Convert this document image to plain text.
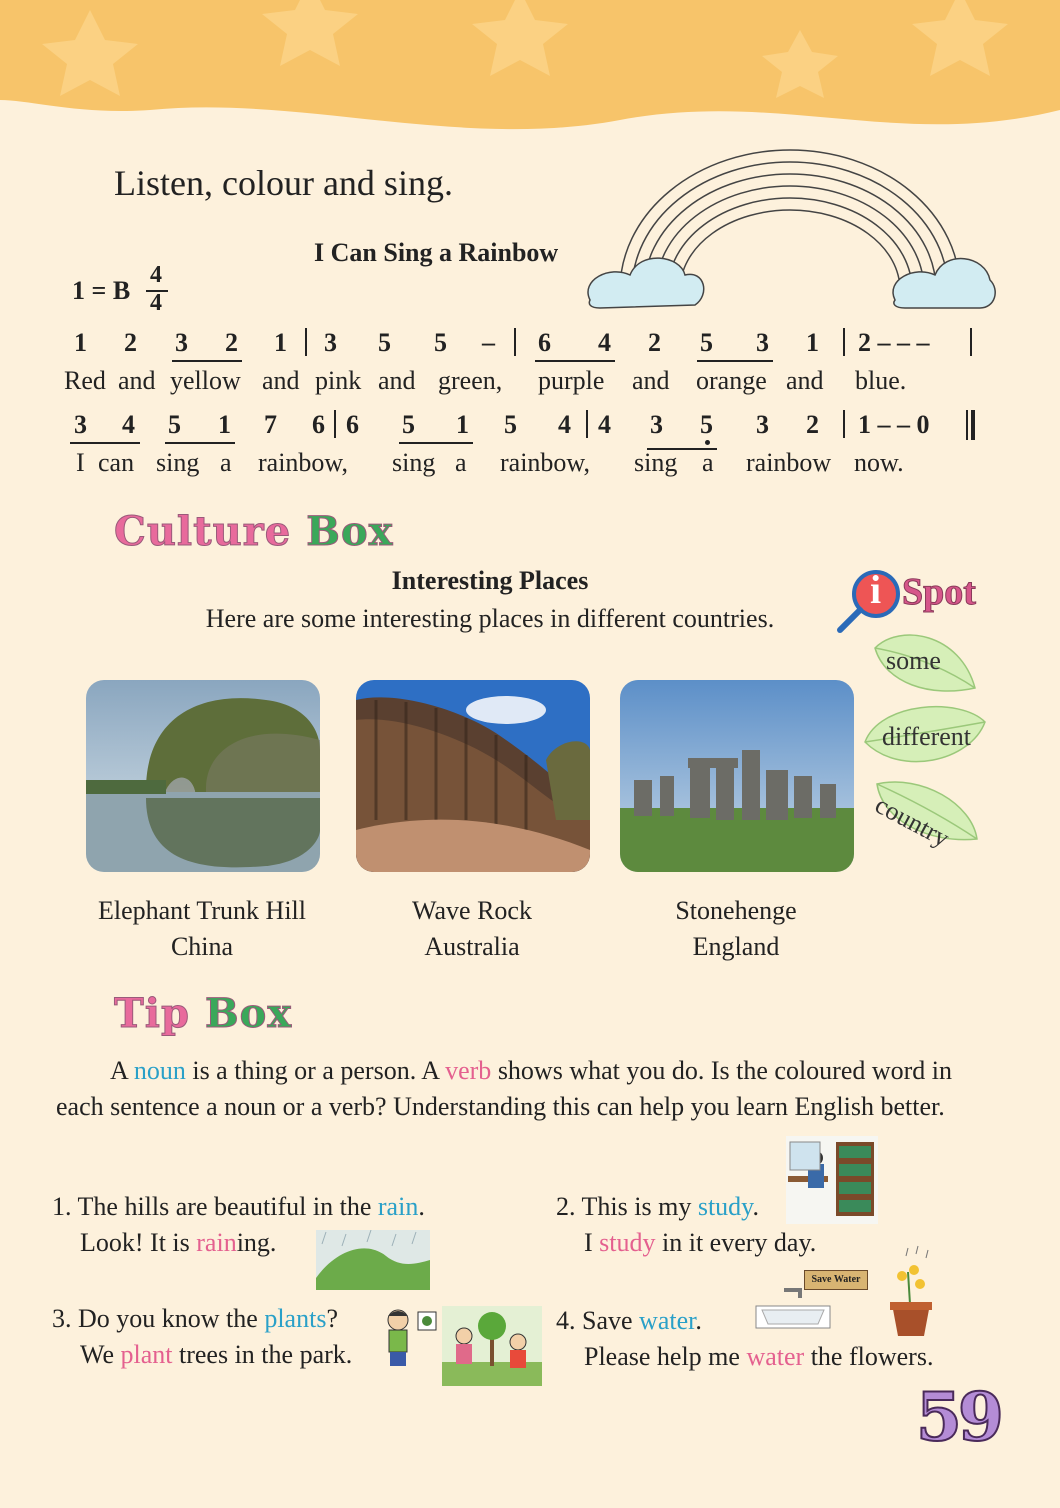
Listen, colour and sing.
I Can Sing a Rainbow
1 = B
4
4
1 2 3 2 1 3 5 5 – 6 4 2 5 3 1 2 – – –
Red and yellow and pink and green, purple and orange and blue.
3 4 5 1 7 6 6 5 1 5 4 4 3 5 3 2 1 – – 0
I can sing a rainbow, sing a rainbow, sing a rainbow now.
Culture Box
Interesting Places
Here are some interesting places in different countries.
i Spot
some
different
country
Elephant Trunk Hill
China
Wave Rock
Australia
Stonehenge
England
Tip Box
A noun is a thing or a person. A verb shows what you do. Is the coloured word in
each sentence a noun or a verb? Understanding this can help you learn English better.
1. The hills are beautiful in the rain.
Look! It is raining.
2. This is my study.
I study in it every day.
3. Do you know the plants?
We plant trees in the park.
4. Save water.
Please help me water the flowers.
Save Water
59
